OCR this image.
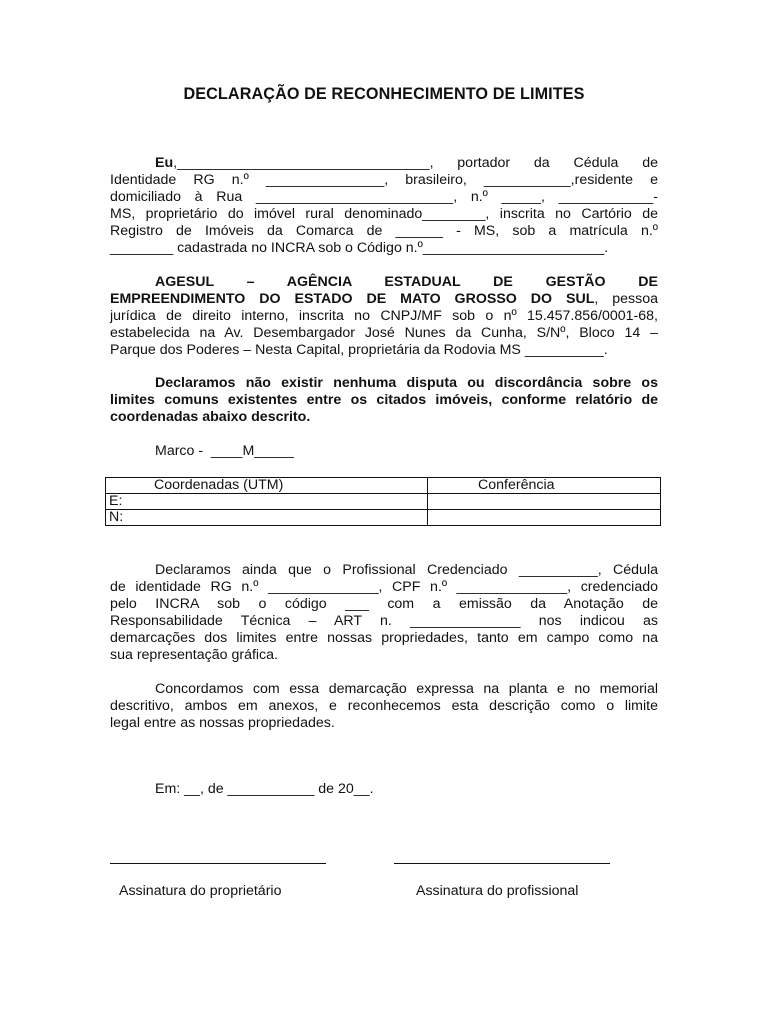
DECLARAÇÃO DE RECONHECIMENTO DE LIMITES
Eu,________________________________, portador da Cédula de
Identidade RG n.º _______________, brasileiro, ___________,residente e
domiciliado à Rua _________________________, n.º _____, ____________-
MS, proprietário do imóvel rural denominado________, inscrita no Cartório de
Registro de Imóveis da Comarca de ______ - MS, sob a matrícula n.º
________ cadastrada no INCRA sob o Código n.º_______________________.
AGESUL – AGÊNCIA ESTADUAL DE GESTÃO DE
EMPREENDIMENTO DO ESTADO DE MATO GROSSO DO SUL, pessoa
jurídica de direito interno, inscrita no CNPJ/MF sob o nº 15.457.856/0001-68,
estabelecida na Av. Desembargador José Nunes da Cunha, S/Nº, Bloco 14 –
Parque dos Poderes – Nesta Capital, proprietária da Rodovia MS __________.
Declaramos não existir nenhuma disputa ou discordância sobre os
limites comuns existentes entre os citados imóveis, conforme relatório de
coordenadas abaixo descrito.
Marco -  ____M_____
Coordenadas (UTM)	Conferência
E:	
N:	
Declaramos ainda que o Profissional Credenciado __________, Cédula
de identidade RG n.º ______________, CPF n.º ______________, credenciado
pelo INCRA sob o código ___ com a emissão da Anotação de
Responsabilidade Técnica – ART n. ______________ nos indicou as
demarcações dos limites entre nossas propriedades, tanto em campo como na
sua representação gráfica.
Concordamos com essa demarcação expressa na planta e no memorial
descritivo, ambos em anexos, e reconhecemos esta descrição como o limite
legal entre as nossas propriedades.
Em: __, de ___________ de 20__.
Assinatura do proprietário	Assinatura do profissional
